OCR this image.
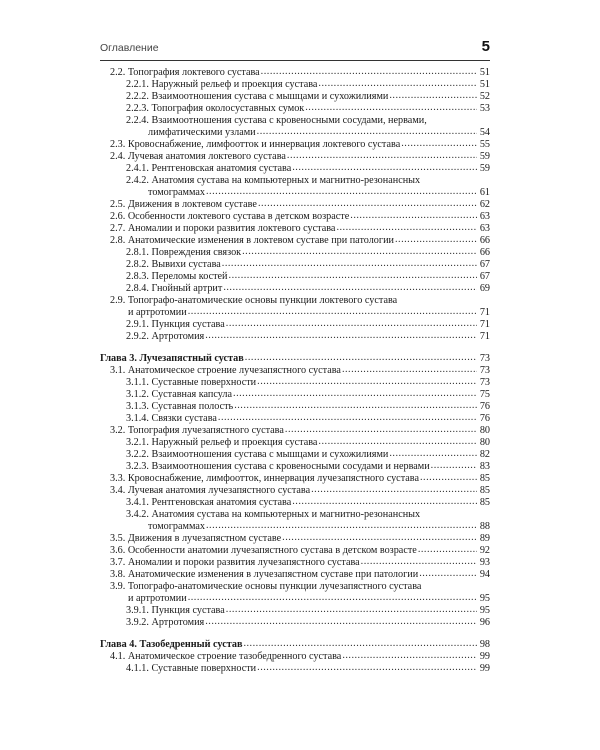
Оглавление	5
2.2. Топография локтевого сустава .....	51
2.2.1. Наружный рельеф и проекция сустава .....	51
2.2.2. Взаимоотношения сустава с мышцами и сухожилиями .....	52
2.2.3. Топография околосуставных сумок .....	53
2.2.4. Взаимоотношения сустава с кровеносными сосудами, нервами,
лимфатическими узлами .....	54
2.3. Кровоснабжение, лимфоотток и иннервация локтевого сустава .....	55
2.4. Лучевая анатомия локтевого сустава .....	59
2.4.1. Рентгеновская анатомия сустава .....	59
2.4.2. Анатомия сустава на компьютерных и магнитно-резонансных
томограммах .....	61
2.5. Движения в локтевом суставе .....	62
2.6. Особенности локтевого сустава в детском возрасте .....	63
2.7. Аномалии и пороки развития локтевого сустава .....	63
2.8. Анатомические изменения в локтевом суставе при патологии .....	66
2.8.1. Повреждения связок .....	66
2.8.2. Вывихи сустава .....	67
2.8.3. Переломы костей .....	67
2.8.4. Гнойный артрит .....	69
2.9. Топографо-анатомические основы пункции локтевого сустава
и артротомии .....	71
2.9.1. Пункция сустава .....	71
2.9.2. Артротомия .....	71
Глава 3. Лучезапястный сустав .....	73
3.1. Анатомическое строение лучезапястного сустава .....	73
3.1.1. Суставные поверхности .....	73
3.1.2. Суставная капсула .....	75
3.1.3. Суставная полость .....	76
3.1.4. Связки сустава .....	76
3.2. Топография лучезапястного сустава .....	80
3.2.1. Наружный рельеф и проекция сустава .....	80
3.2.2. Взаимоотношения сустава с мышцами и сухожилиями .....	82
3.2.3. Взаимоотношения сустава с кровеносными сосудами и нервами .....	83
3.3. Кровоснабжение, лимфоотток, иннервация лучезапястного сустава .....	85
3.4. Лучевая анатомия лучезапястного сустава .....	85
3.4.1. Рентгеновская анатомия сустава .....	85
3.4.2. Анатомия сустава на компьютерных и магнитно-резонансных
томограммах .....	88
3.5. Движения в лучезапястном суставе .....	89
3.6. Особенности анатомии лучезапястного сустава в детском возрасте .....	92
3.7. Аномалии и пороки развития лучезапястного сустава .....	93
3.8. Анатомические изменения в лучезапястном суставе при патологии .....	94
3.9. Топографо-анатомические основы пункции лучезапястного сустава
и артротомии .....	95
3.9.1. Пункция сустава .....	95
3.9.2. Артротомия .....	96
Глава 4. Тазобедренный сустав .....	98
4.1. Анатомическое строение тазобедренного сустава .....	99
4.1.1. Суставные поверхности .....	99
